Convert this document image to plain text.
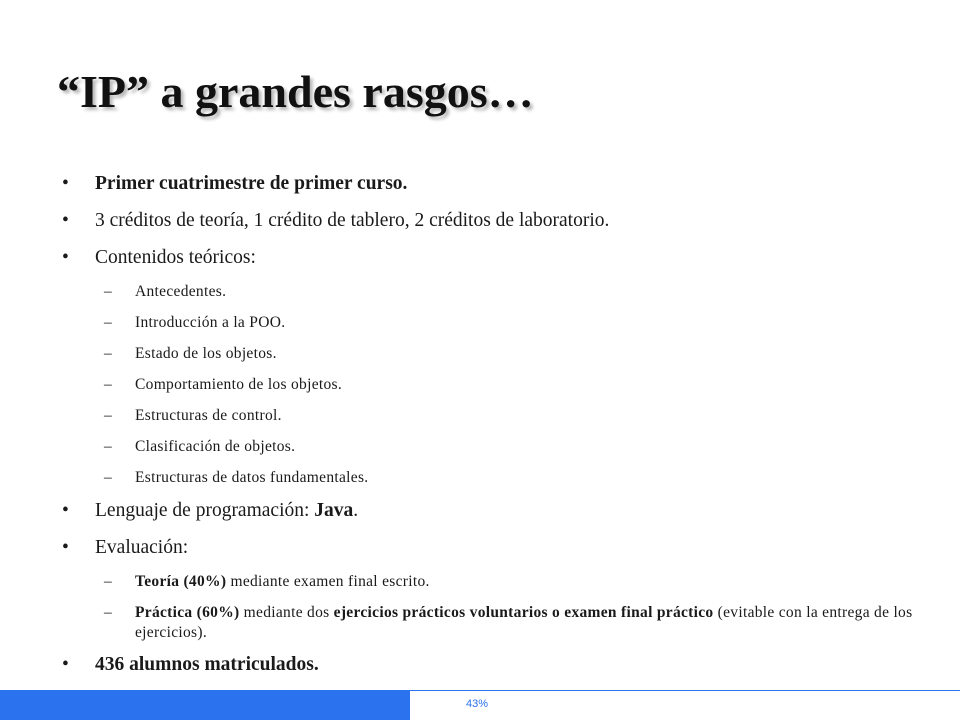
“IP” a grandes rasgos…
• Primer cuatrimestre de primer curso.
• 3 créditos de teoría, 1 crédito de tablero, 2 créditos de laboratorio.
• Contenidos teóricos:
– Antecedentes.
– Introducción a la POO.
– Estado de los objetos.
– Comportamiento de los objetos.
– Estructuras de control.
– Clasificación de objetos.
– Estructuras de datos fundamentales.
• Lenguaje de programación: Java.
• Evaluación:
– Teoría (40%) mediante examen final escrito.
– Práctica (60%) mediante dos ejercicios prácticos voluntarios o examen final práctico (evitable con la entrega de los ejercicios).
• 436 alumnos matriculados.
43%
